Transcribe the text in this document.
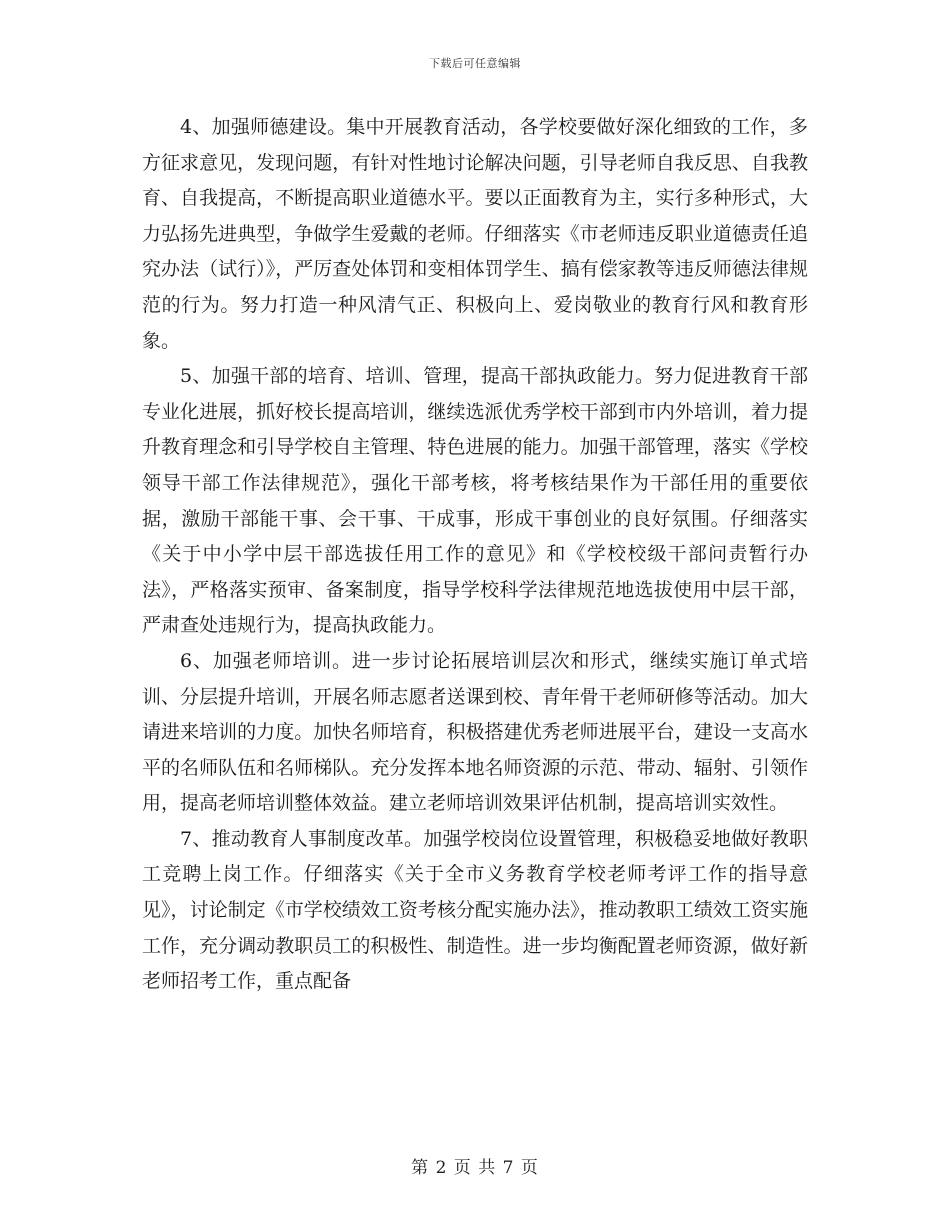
下载后可任意编辑

4、加强师德建设。集中开展教育活动，各学校要做好深化细致的工作，多方征求意见，发现问题，有针对性地讨论解决问题，引导老师自我反思、自我教育、自我提高，不断提高职业道德水平。要以正面教育为主，实行多种形式，大力弘扬先进典型，争做学生爱戴的老师。仔细落实《市老师违反职业道德责任追究办法（试行）》，严厉查处体罚和变相体罚学生、搞有偿家教等违反师德法律规范的行为。努力打造一种风清气正、积极向上、爱岗敬业的教育行风和教育形象。

5、加强干部的培育、培训、管理，提高干部执政能力。努力促进教育干部专业化进展，抓好校长提高培训，继续选派优秀学校干部到市内外培训，着力提升教育理念和引导学校自主管理、特色进展的能力。加强干部管理，落实《学校领导干部工作法律规范》，强化干部考核，将考核结果作为干部任用的重要依据，激励干部能干事、会干事、干成事，形成干事创业的良好氛围。仔细落实《关于中小学中层干部选拔任用工作的意见》和《学校校级干部问责暂行办法》，严格落实预审、备案制度，指导学校科学法律规范地选拔使用中层干部，严肃查处违规行为，提高执政能力。

6、加强老师培训。进一步讨论拓展培训层次和形式，继续实施订单式培训、分层提升培训，开展名师志愿者送课到校、青年骨干老师研修等活动。加大请进来培训的力度。加快名师培育，积极搭建优秀老师进展平台，建设一支高水平的名师队伍和名师梯队。充分发挥本地名师资源的示范、带动、辐射、引领作用，提高老师培训整体效益。建立老师培训效果评估机制，提高培训实效性。

7、推动教育人事制度改革。加强学校岗位设置管理，积极稳妥地做好教职工竞聘上岗工作。仔细落实《关于全市义务教育学校老师考评工作的指导意见》，讨论制定《市学校绩效工资考核分配实施办法》，推动教职工绩效工资实施工作，充分调动教职员工的积极性、制造性。进一步均衡配置老师资源，做好新老师招考工作，重点配备

第 2 页 共 7 页
